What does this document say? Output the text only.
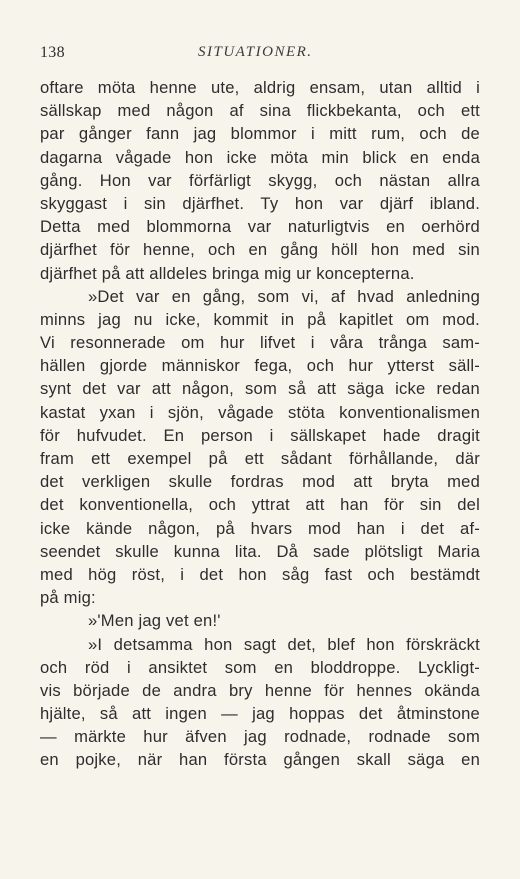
138	SITUATIONER.
oftare möta henne ute, aldrig ensam, utan alltid i
sällskap med någon af sina flickbekanta, och ett
par gånger fann jag blommor i mitt rum, och de
dagarna vågade hon icke möta min blick en enda
gång. Hon var förfärligt skygg, och nästan allra
skyggast i sin djärfhet. Ty hon var djärf ibland.
Detta med blommorna var naturligtvis en oerhörd
djärfhet för henne, och en gång höll hon med sin
djärfhet på att alldeles bringa mig ur koncepterna.
»Det var en gång, som vi, af hvad anledning
minns jag nu icke, kommit in på kapitlet om mod.
Vi resonnerade om hur lifvet i våra trånga sam-
hällen gjorde människor fega, och hur ytterst säll-
synt det var att någon, som så att säga icke redan
kastat yxan i sjön, vågade stöta konventionalismen
för hufvudet. En person i sällskapet hade dragit
fram ett exempel på ett sådant förhållande, där
det verkligen skulle fordras mod att bryta med
det konventionella, och yttrat att han för sin del
icke kände någon, på hvars mod han i det af-
seendet skulle kunna lita. Då sade plötsligt Maria
med hög röst, i det hon såg fast och bestämdt
på mig:
»'Men jag vet en!'
»I detsamma hon sagt det, blef hon förskräckt
och röd i ansiktet som en bloddroppe. Lyckligt-
vis började de andra bry henne för hennes okända
hjälte, så att ingen — jag hoppas det åtminstone
— märkte hur äfven jag rodnade, rodnade som
en pojke, när han första gången skall säga en
